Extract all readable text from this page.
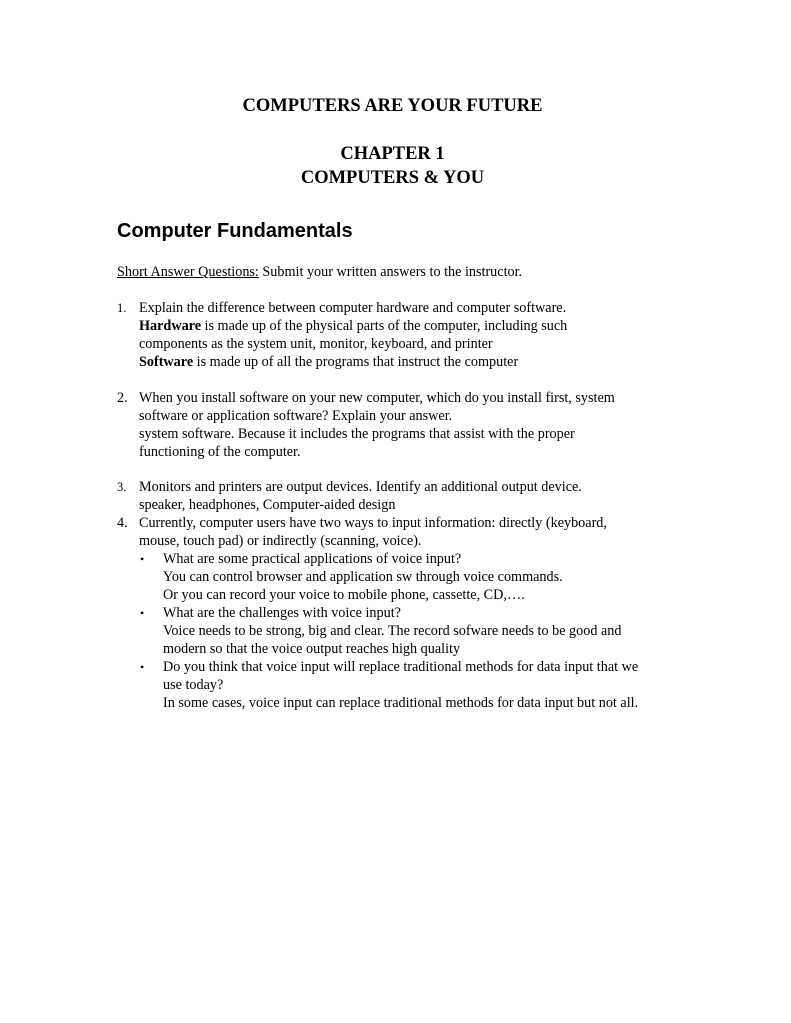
COMPUTERS ARE YOUR FUTURE
CHAPTER 1
COMPUTERS & YOU
Computer Fundamentals

Short Answer Questions: Submit your written answers to the instructor.

1. Explain the difference between computer hardware and computer software.
Hardware is made up of the physical parts of the computer, including such
components as the system unit, monitor, keyboard, and printer
Software is made up of all the programs that instruct the computer
2. When you install software on your new computer, which do you install first, system
software or application software? Explain your answer.
system software. Because it includes the programs that assist with the proper
functioning of the computer.
3. Monitors and printers are output devices. Identify an additional output device.
speaker, headphones, Computer-aided design
4. Currently, computer users have two ways to input information: directly (keyboard,
mouse, touch pad) or indirectly (scanning, voice).
• What are some practical applications of voice input?
You can control browser and application sw through voice commands.
Or you can record your voice to mobile phone, cassette, CD,….
• What are the challenges with voice input?
Voice needs to be strong, big and clear. The record sofware needs to be good and
modern so that the voice output reaches high quality
• Do you think that voice input will replace traditional methods for data input that we
use today?
In some cases, voice input can replace traditional methods for data input but not all.
